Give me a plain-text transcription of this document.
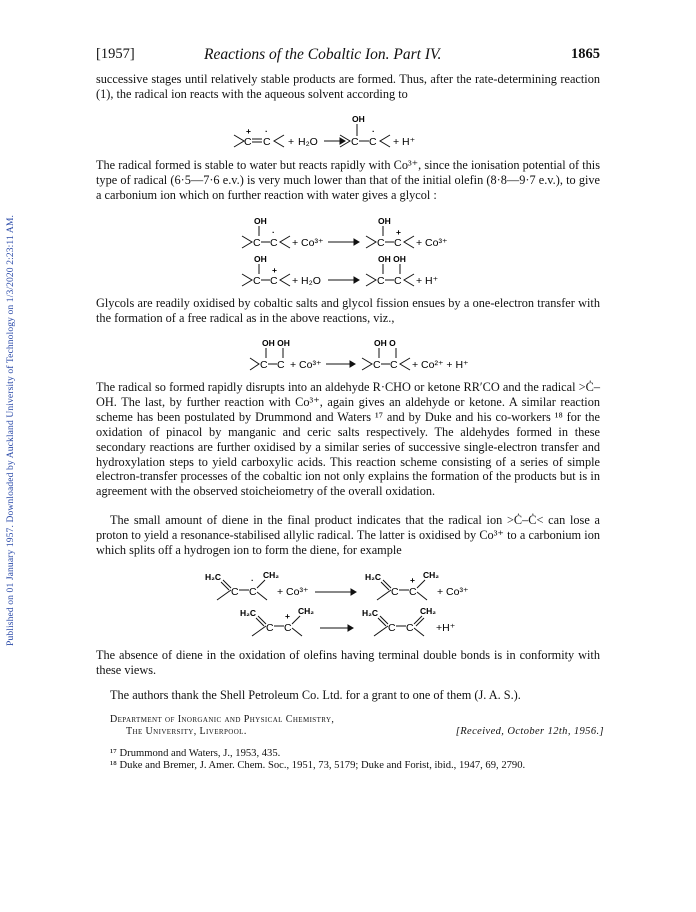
Published on 01 January 1957. Downloaded by Auckland University of Technology on 1/3/2020 2:23:11 AM.
[1957]	Reactions of the Cobaltic Ion. Part IV.	1865

successive stages until relatively stable products are formed. Thus, after the rate-determining reaction (1), the radical ion reacts with the aqueous solvent according to

OH
C
+
C
·
+ H₂O	C C
·
+ H⁺

The radical formed is stable to water but reacts rapidly with Co³⁺, since the ionisation potential of this type of radical (6·5—7·6 e.v.) is very much lower than that of the initial olefin (8·8—9·7 e.v.), to give a carbonium ion which on further reaction with water gives a glycol :

OH
C C
·
+ Co³⁺
OH
C C
+
+ Co³⁺
OH
C C
+
+ H₂O
OH OH
C C + H⁺

Glycols are readily oxidised by cobaltic salts and glycol fission ensues by a one-electron transfer with the formation of a free radical as in the above reactions, viz.,

OH OH
C C + Co³⁺
OH O
C C + Co²⁺ + H⁺

The radical so formed rapidly disrupts into an aldehyde R·CHO or ketone RR′CO and the radical >Ċ–OH. The last, by further reaction with Co³⁺, again gives an aldehyde or ketone. A similar reaction scheme has been postulated by Drummond and Waters ¹⁷ and by Duke and his co-workers ¹⁸ for the oxidation of pinacol by manganic and ceric salts respectively. The aldehydes formed in these secondary reactions are further oxidised by a similar series of successive single-electron transfer and hydroxylation steps to yield carboxylic acids. This reaction scheme consisting of a series of simple electron-transfer processes of the cobaltic ion not only explains the formation of the products but is in agreement with the observed stoicheiometry of the overall oxidation.

The small amount of diene in the final product indicates that the radical ion >Ċ–Ċ< can lose a proton to yield a resonance-stabilised allylic radical. The latter is oxidised by Co³⁺ to a carbonium ion which splits off a hydrogen ion to form the diene, for example

H₂C
C C
· CH₂
+ Co³⁺
H₂C
C C
+ CH₂
+ Co³⁺
H₂C
C C
+ CH₂	H₂C
C C
CH₂
+H⁺

The absence of diene in the oxidation of olefins having terminal double bonds is in conformity with these views.

The authors thank the Shell Petroleum Co. Ltd. for a grant to one of them (J. A. S.).

Department of Inorganic and Physical Chemistry,
The University, Liverpool.	[Received, October 12th, 1956.]

¹⁷ Drummond and Waters, J., 1953, 435.

¹⁸ Duke and Bremer, J. Amer. Chem. Soc., 1951, 73, 5179; Duke and Forist, ibid., 1947, 69, 2790.
